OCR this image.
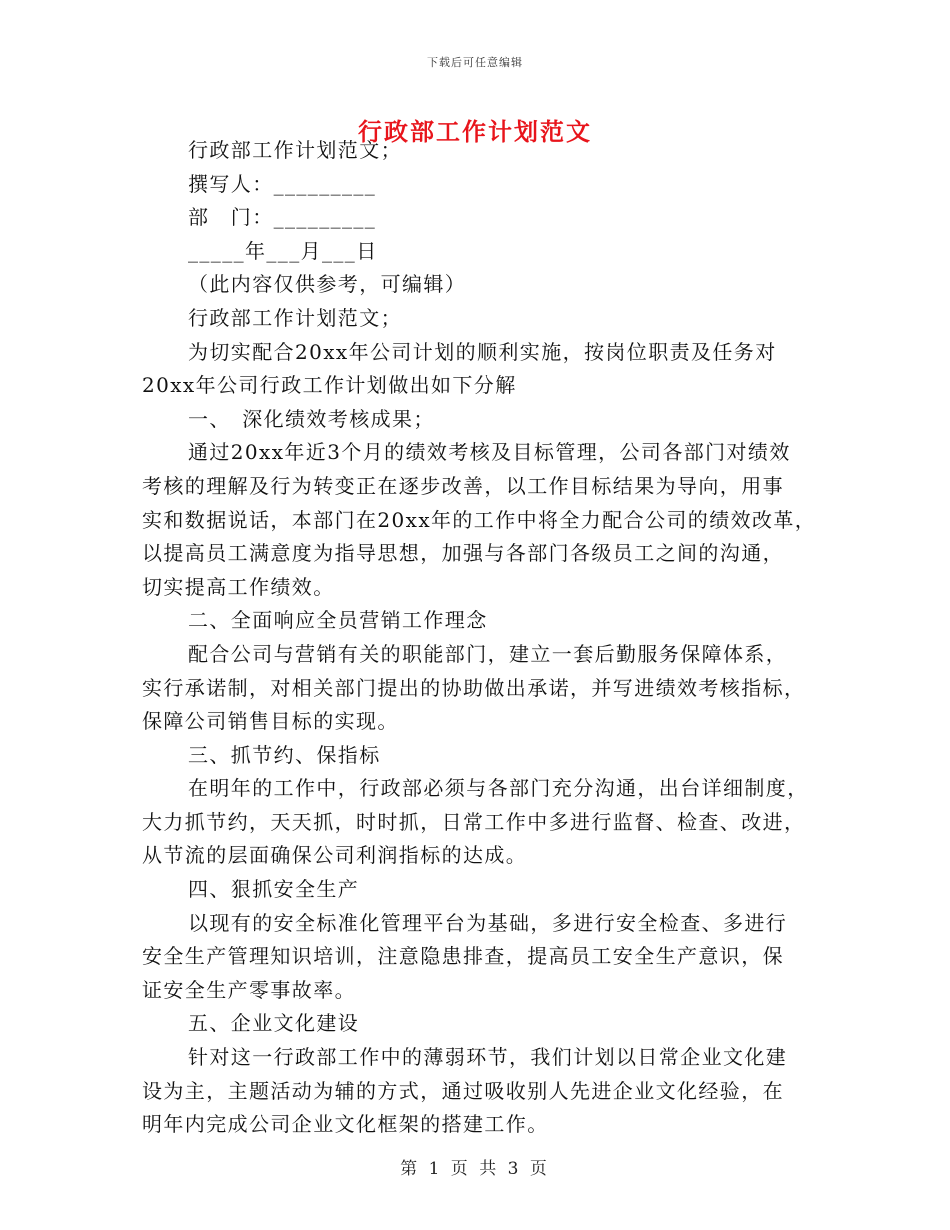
下载后可任意编辑
行政部工作计划范文
行政部工作计划范文；
撰写人：_________
部　门：_________
_____年___月___日
（此内容仅供参考，可编辑）
行政部工作计划范文；
为切实配合20xx年公司计划的顺利实施，按岗位职责及任务对
20xx年公司行政工作计划做出如下分解
一、　深化绩效考核成果；
通过20xx年近3个月的绩效考核及目标管理，公司各部门对绩效
考核的理解及行为转变正在逐步改善，以工作目标结果为导向，用事
实和数据说话，本部门在20xx年的工作中将全力配合公司的绩效改革，
以提高员工满意度为指导思想，加强与各部门各级员工之间的沟通，
切实提高工作绩效。
二、全面响应全员营销工作理念
配合公司与营销有关的职能部门，建立一套后勤服务保障体系，
实行承诺制，对相关部门提出的协助做出承诺，并写进绩效考核指标，
保障公司销售目标的实现。
三、抓节约、保指标
在明年的工作中，行政部必须与各部门充分沟通，出台详细制度，
大力抓节约，天天抓，时时抓，日常工作中多进行监督、检查、改进，
从节流的层面确保公司利润指标的达成。
四、狠抓安全生产
以现有的安全标准化管理平台为基础，多进行安全检查、多进行
安全生产管理知识培训，注意隐患排查，提高员工安全生产意识，保
证安全生产零事故率。
五、企业文化建设
针对这一行政部工作中的薄弱环节，我们计划以日常企业文化建
设为主，主题活动为辅的方式，通过吸收别人先进企业文化经验，在
明年内完成公司企业文化框架的搭建工作。
第 1 页 共 3 页
